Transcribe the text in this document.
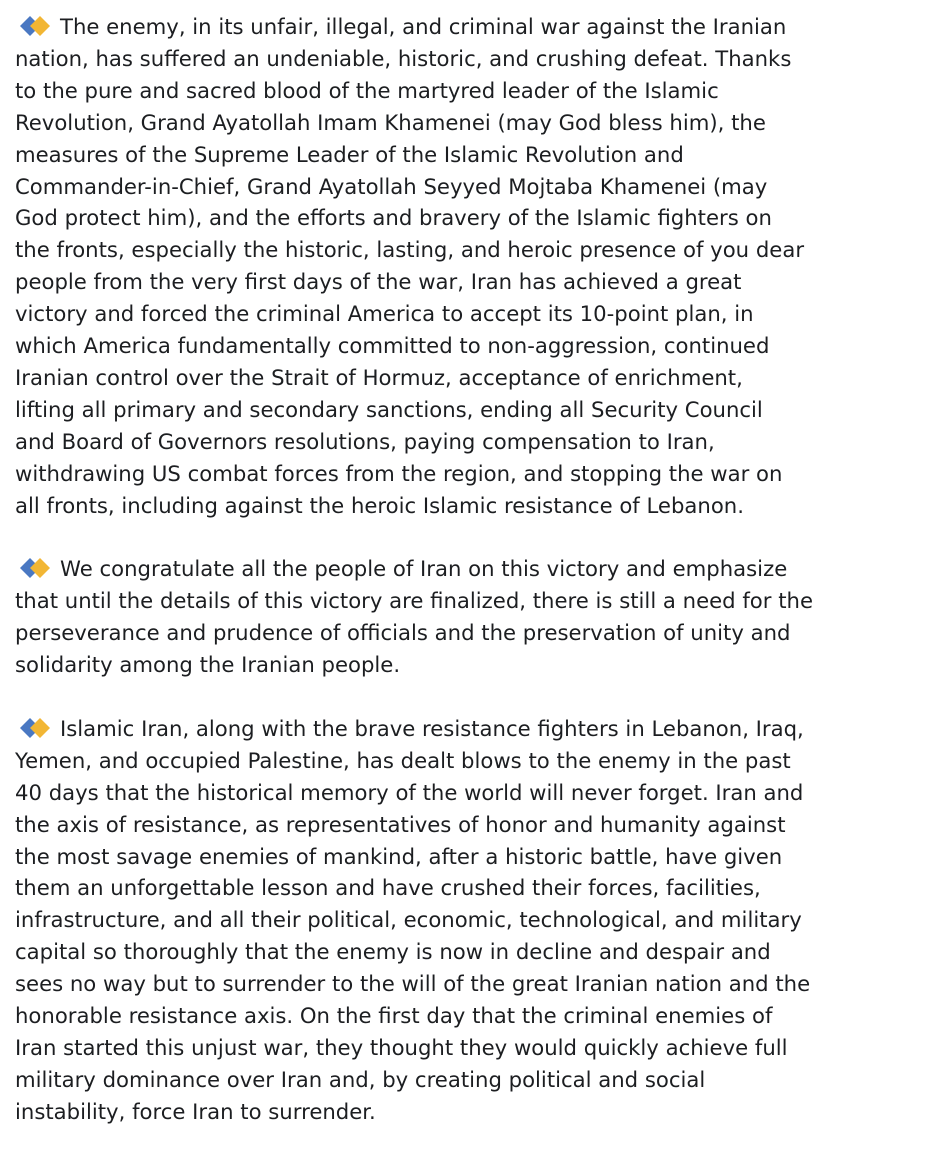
The enemy, in its unfair, illegal, and criminal war against the Iranian
nation, has suffered an undeniable, historic, and crushing defeat. Thanks
to the pure and sacred blood of the martyred leader of the Islamic
Revolution, Grand Ayatollah Imam Khamenei (may God bless him), the
measures of the Supreme Leader of the Islamic Revolution and
Commander-in-Chief, Grand Ayatollah Seyyed Mojtaba Khamenei (may
God protect him), and the efforts and bravery of the Islamic fighters on
the fronts, especially the historic, lasting, and heroic presence of you dear
people from the very first days of the war, Iran has achieved a great
victory and forced the criminal America to accept its 10-point plan, in
which America fundamentally committed to non-aggression, continued
Iranian control over the Strait of Hormuz, acceptance of enrichment,
lifting all primary and secondary sanctions, ending all Security Council
and Board of Governors resolutions, paying compensation to Iran,
withdrawing US combat forces from the region, and stopping the war on
all fronts, including against the heroic Islamic resistance of Lebanon.

We congratulate all the people of Iran on this victory and emphasize
that until the details of this victory are finalized, there is still a need for the
perseverance and prudence of officials and the preservation of unity and
solidarity among the Iranian people.

Islamic Iran, along with the brave resistance fighters in Lebanon, Iraq,
Yemen, and occupied Palestine, has dealt blows to the enemy in the past
40 days that the historical memory of the world will never forget. Iran and
the axis of resistance, as representatives of honor and humanity against
the most savage enemies of mankind, after a historic battle, have given
them an unforgettable lesson and have crushed their forces, facilities,
infrastructure, and all their political, economic, technological, and military
capital so thoroughly that the enemy is now in decline and despair and
sees no way but to surrender to the will of the great Iranian nation and the
honorable resistance axis. On the first day that the criminal enemies of
Iran started this unjust war, they thought they would quickly achieve full
military dominance over Iran and, by creating political and social
instability, force Iran to surrender.
